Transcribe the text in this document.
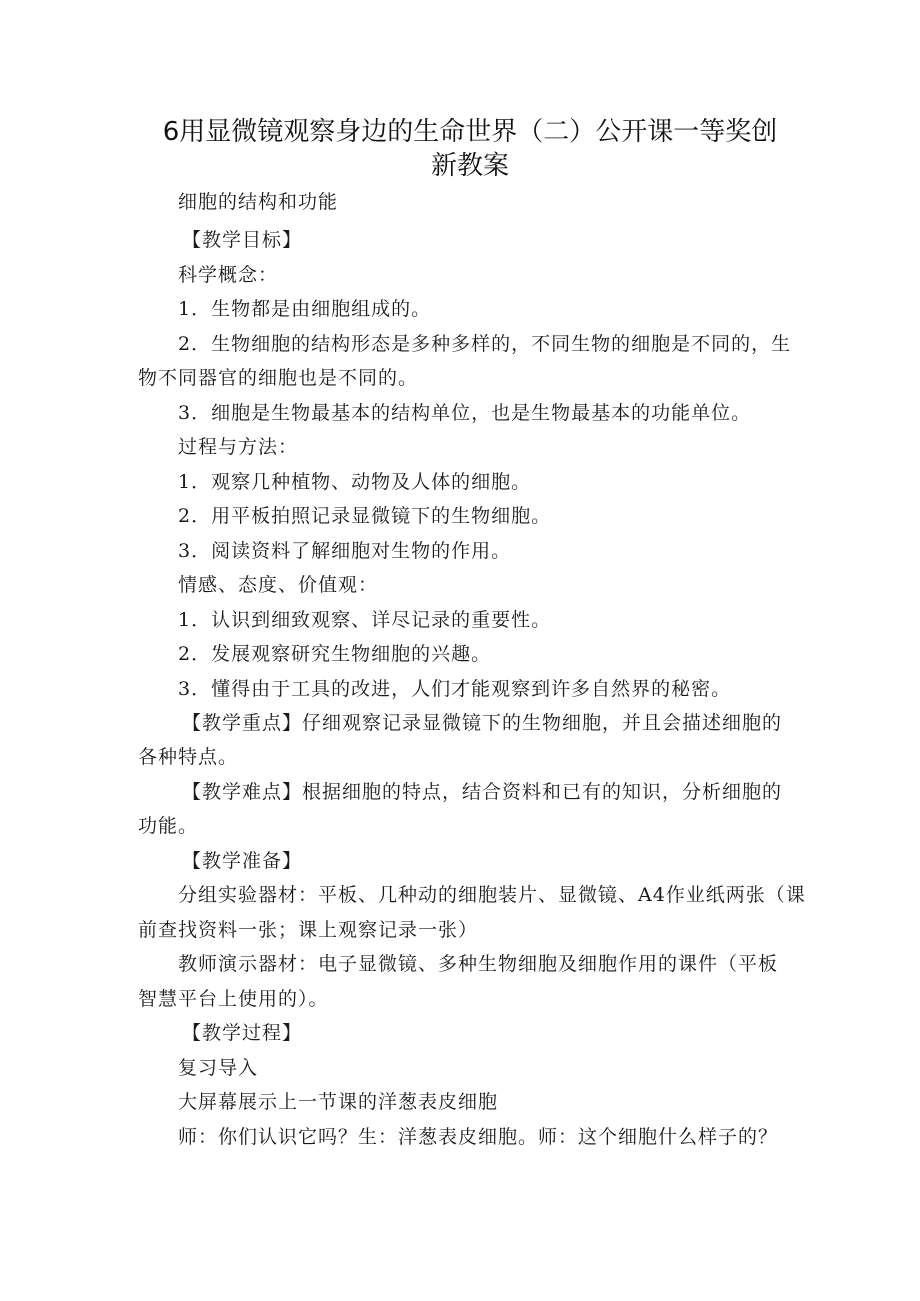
6用显微镜观察身边的生命世界（二）公开课一等奖创
新教案
细胞的结构和功能
【教学目标】
科学概念：
1．生物都是由细胞组成的。
2．生物细胞的结构形态是多种多样的，不同生物的细胞是不同的，生
物不同器官的细胞也是不同的。
3．细胞是生物最基本的结构单位，也是生物最基本的功能单位。
过程与方法：
1．观察几种植物、动物及人体的细胞。
2．用平板拍照记录显微镜下的生物细胞。
3．阅读资料了解细胞对生物的作用。
情感、态度、价值观：
1．认识到细致观察、详尽记录的重要性。
2．发展观察研究生物细胞的兴趣。
3．懂得由于工具的改进，人们才能观察到许多自然界的秘密。
【教学重点】仔细观察记录显微镜下的生物细胞，并且会描述细胞的
各种特点。
【教学难点】根据细胞的特点，结合资料和已有的知识，分析细胞的
功能。
【教学准备】
分组实验器材：平板、几种动的细胞装片、显微镜、A4作业纸两张（课
前查找资料一张；课上观察记录一张）
教师演示器材：电子显微镜、多种生物细胞及细胞作用的课件（平板
智慧平台上使用的）。
【教学过程】
复习导入
大屏幕展示上一节课的洋葱表皮细胞
师：你们认识它吗？生：洋葱表皮细胞。师：这个细胞什么样子的？
